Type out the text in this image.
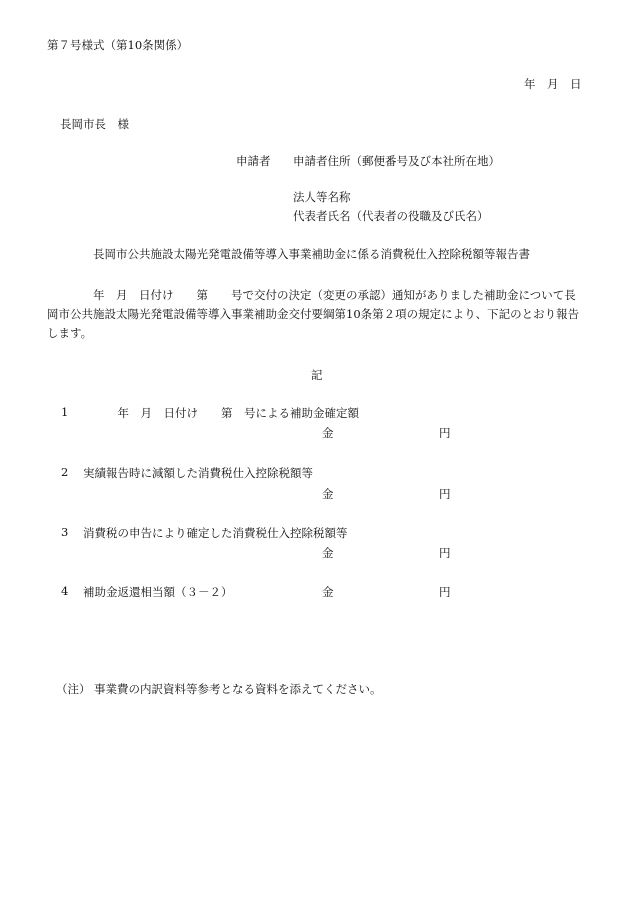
第７号様式（第10条関係）
年　月　日
長岡市長　様
申請者 申請者住所（郵便番号及び本社所在地）
法人等名称
代表者氏名（代表者の役職及び氏名）
長岡市公共施設太陽光発電設備等導入事業補助金に係る消費税仕入控除税額等報告書
年　月　日付け　　第　　号で交付の決定（変更の承認）通知がありました補助金について長岡市公共施設太陽光発電設備等導入事業補助金交付要綱第10条第２項の規定により、下記のとおり報告します。
記
1 　　　年　月　日付け　　第　号による補助金確定額
金	円
2 実績報告時に減額した消費税仕入控除税額等
金	円
3 消費税の申告により確定した消費税仕入控除税額等
金	円
4 補助金返還相当額（３－２）	金	円
（注） 事業費の内訳資料等参考となる資料を添えてください。
